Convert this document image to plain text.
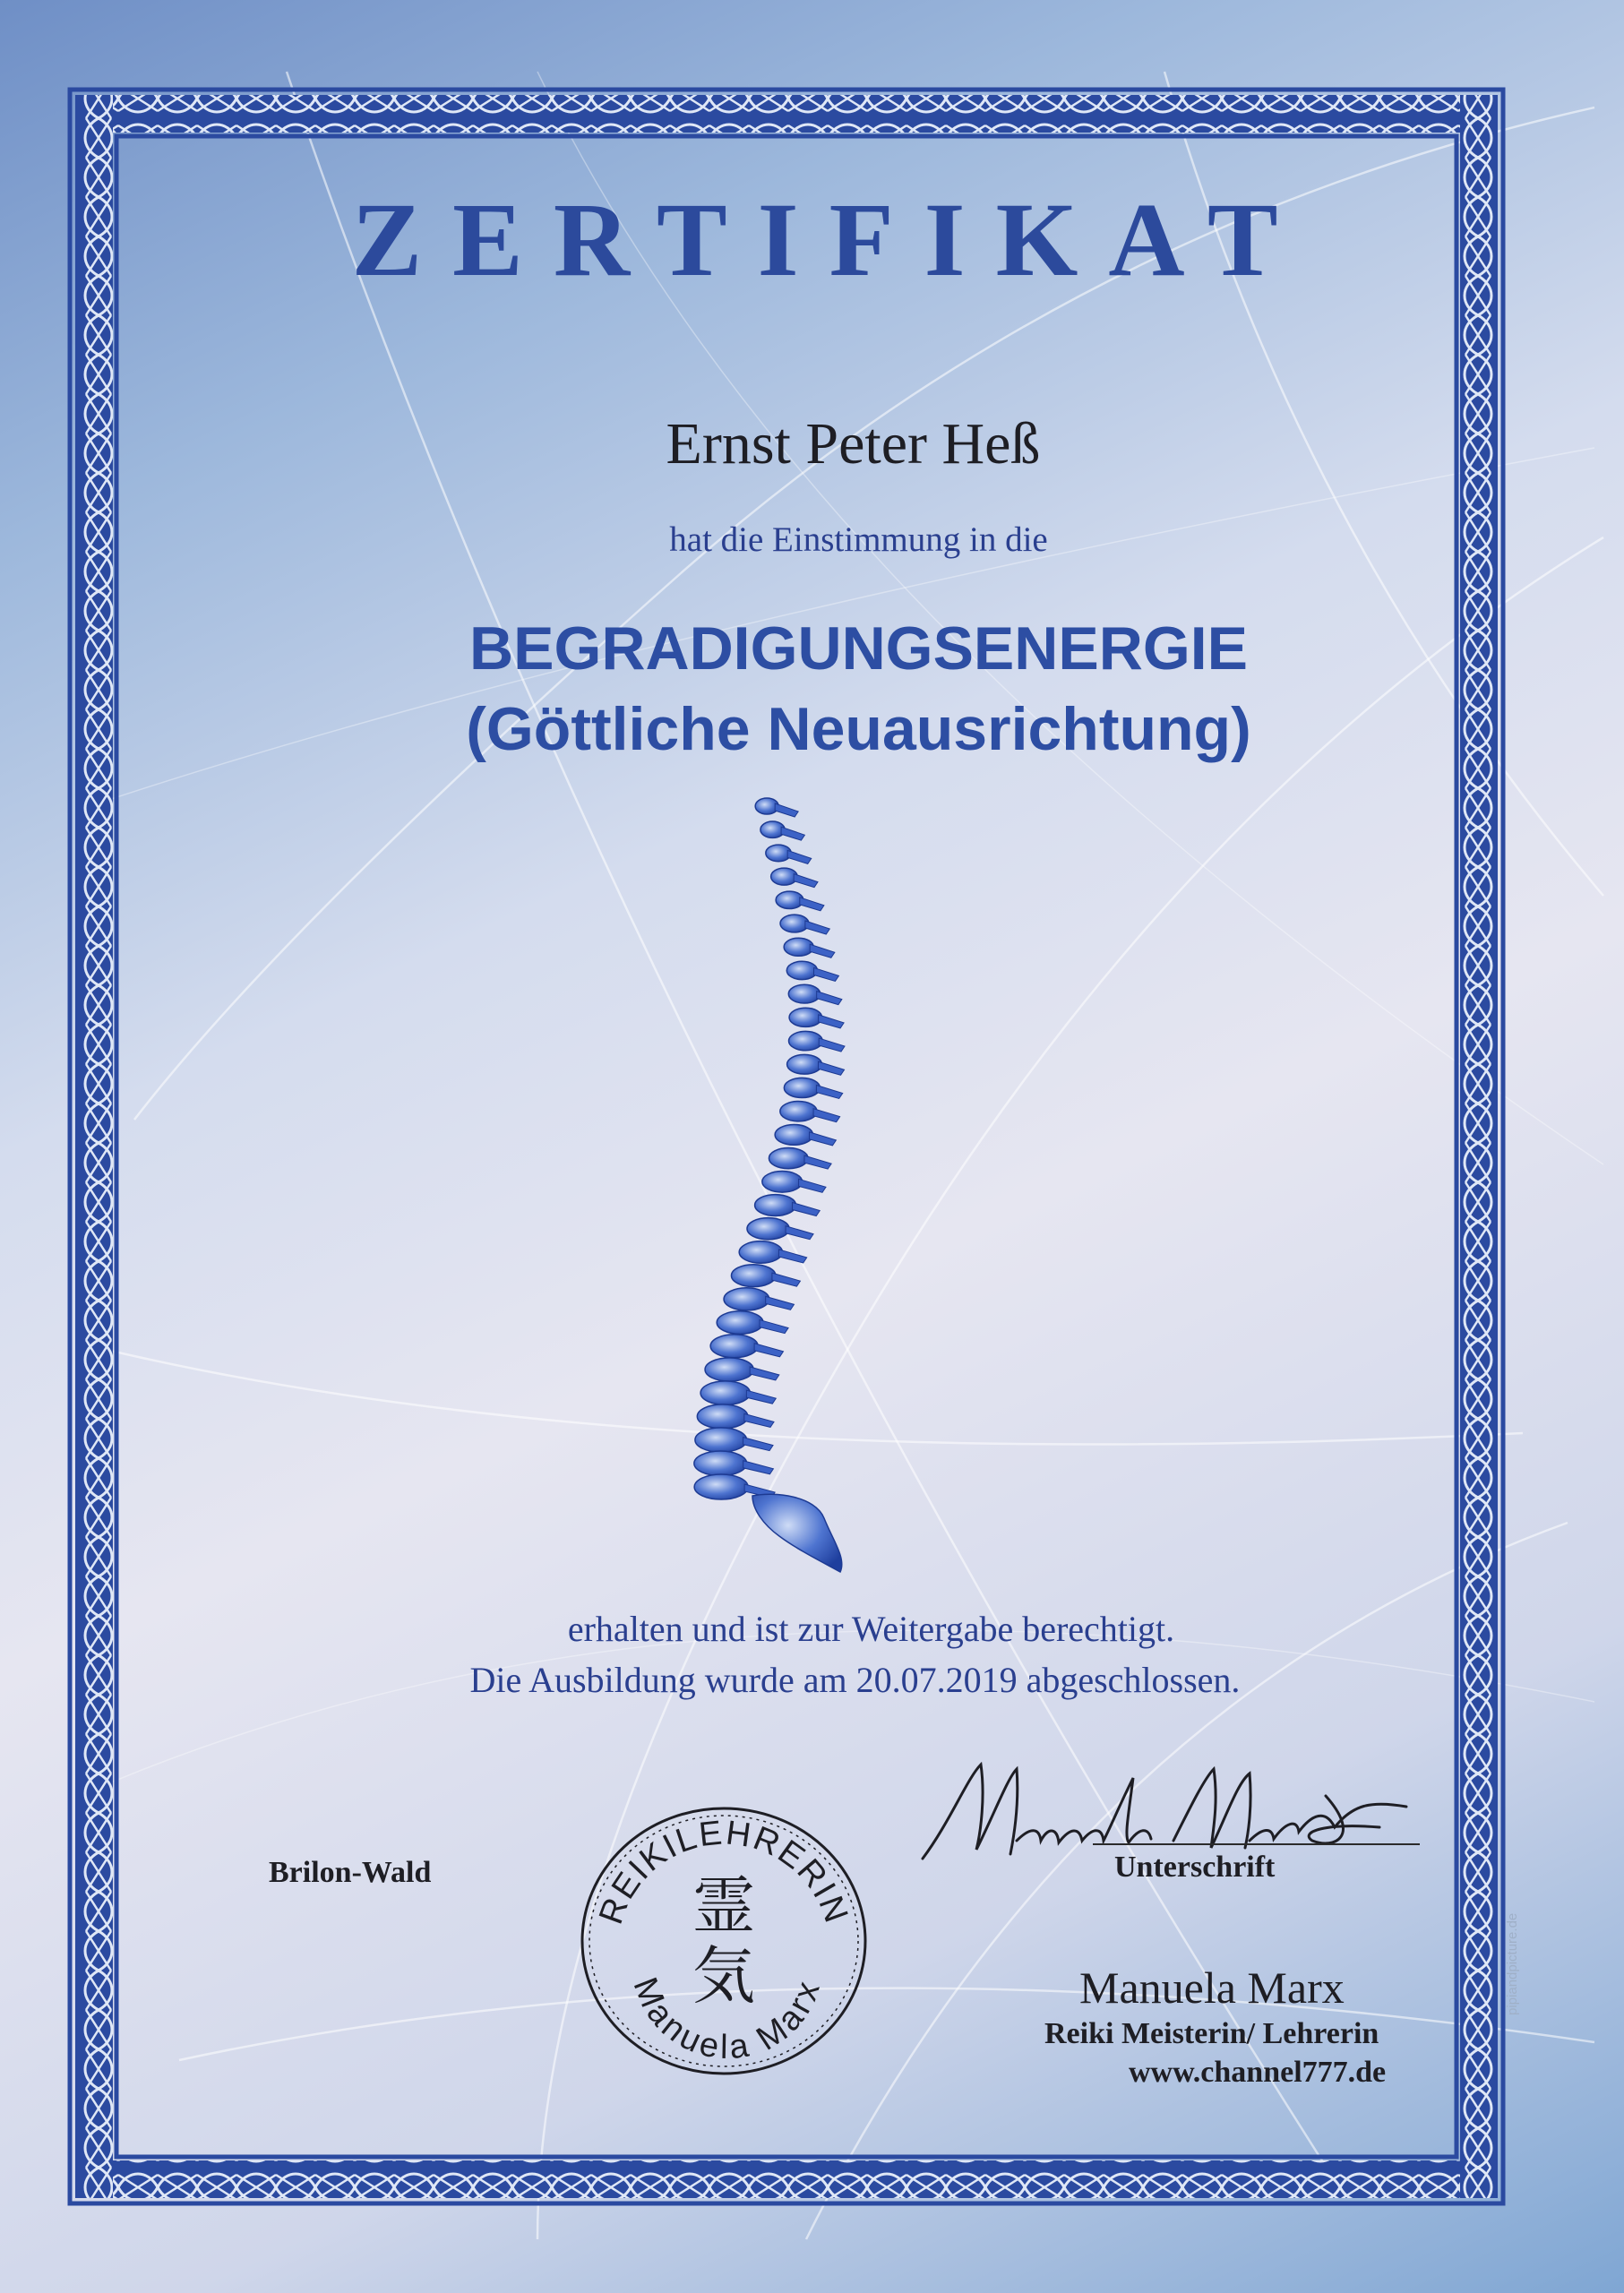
ZERTIFIKAT
Ernst Peter Heß
hat die Einstimmung in die
BEGRADIGUNGSENERGIE
(Göttliche Neuausrichtung)
erhalten und ist zur Weitergabe berechtigt.
Die Ausbildung wurde am 20.07.2019 abgeschlossen.
Brilon-Wald
REIKILEHRERIN
Manuela Marx
霊
気
Unterschrift
Manuela Marx
Reiki Meisterin/ Lehrerin
www.channel777.de
pipiandpicture.de
